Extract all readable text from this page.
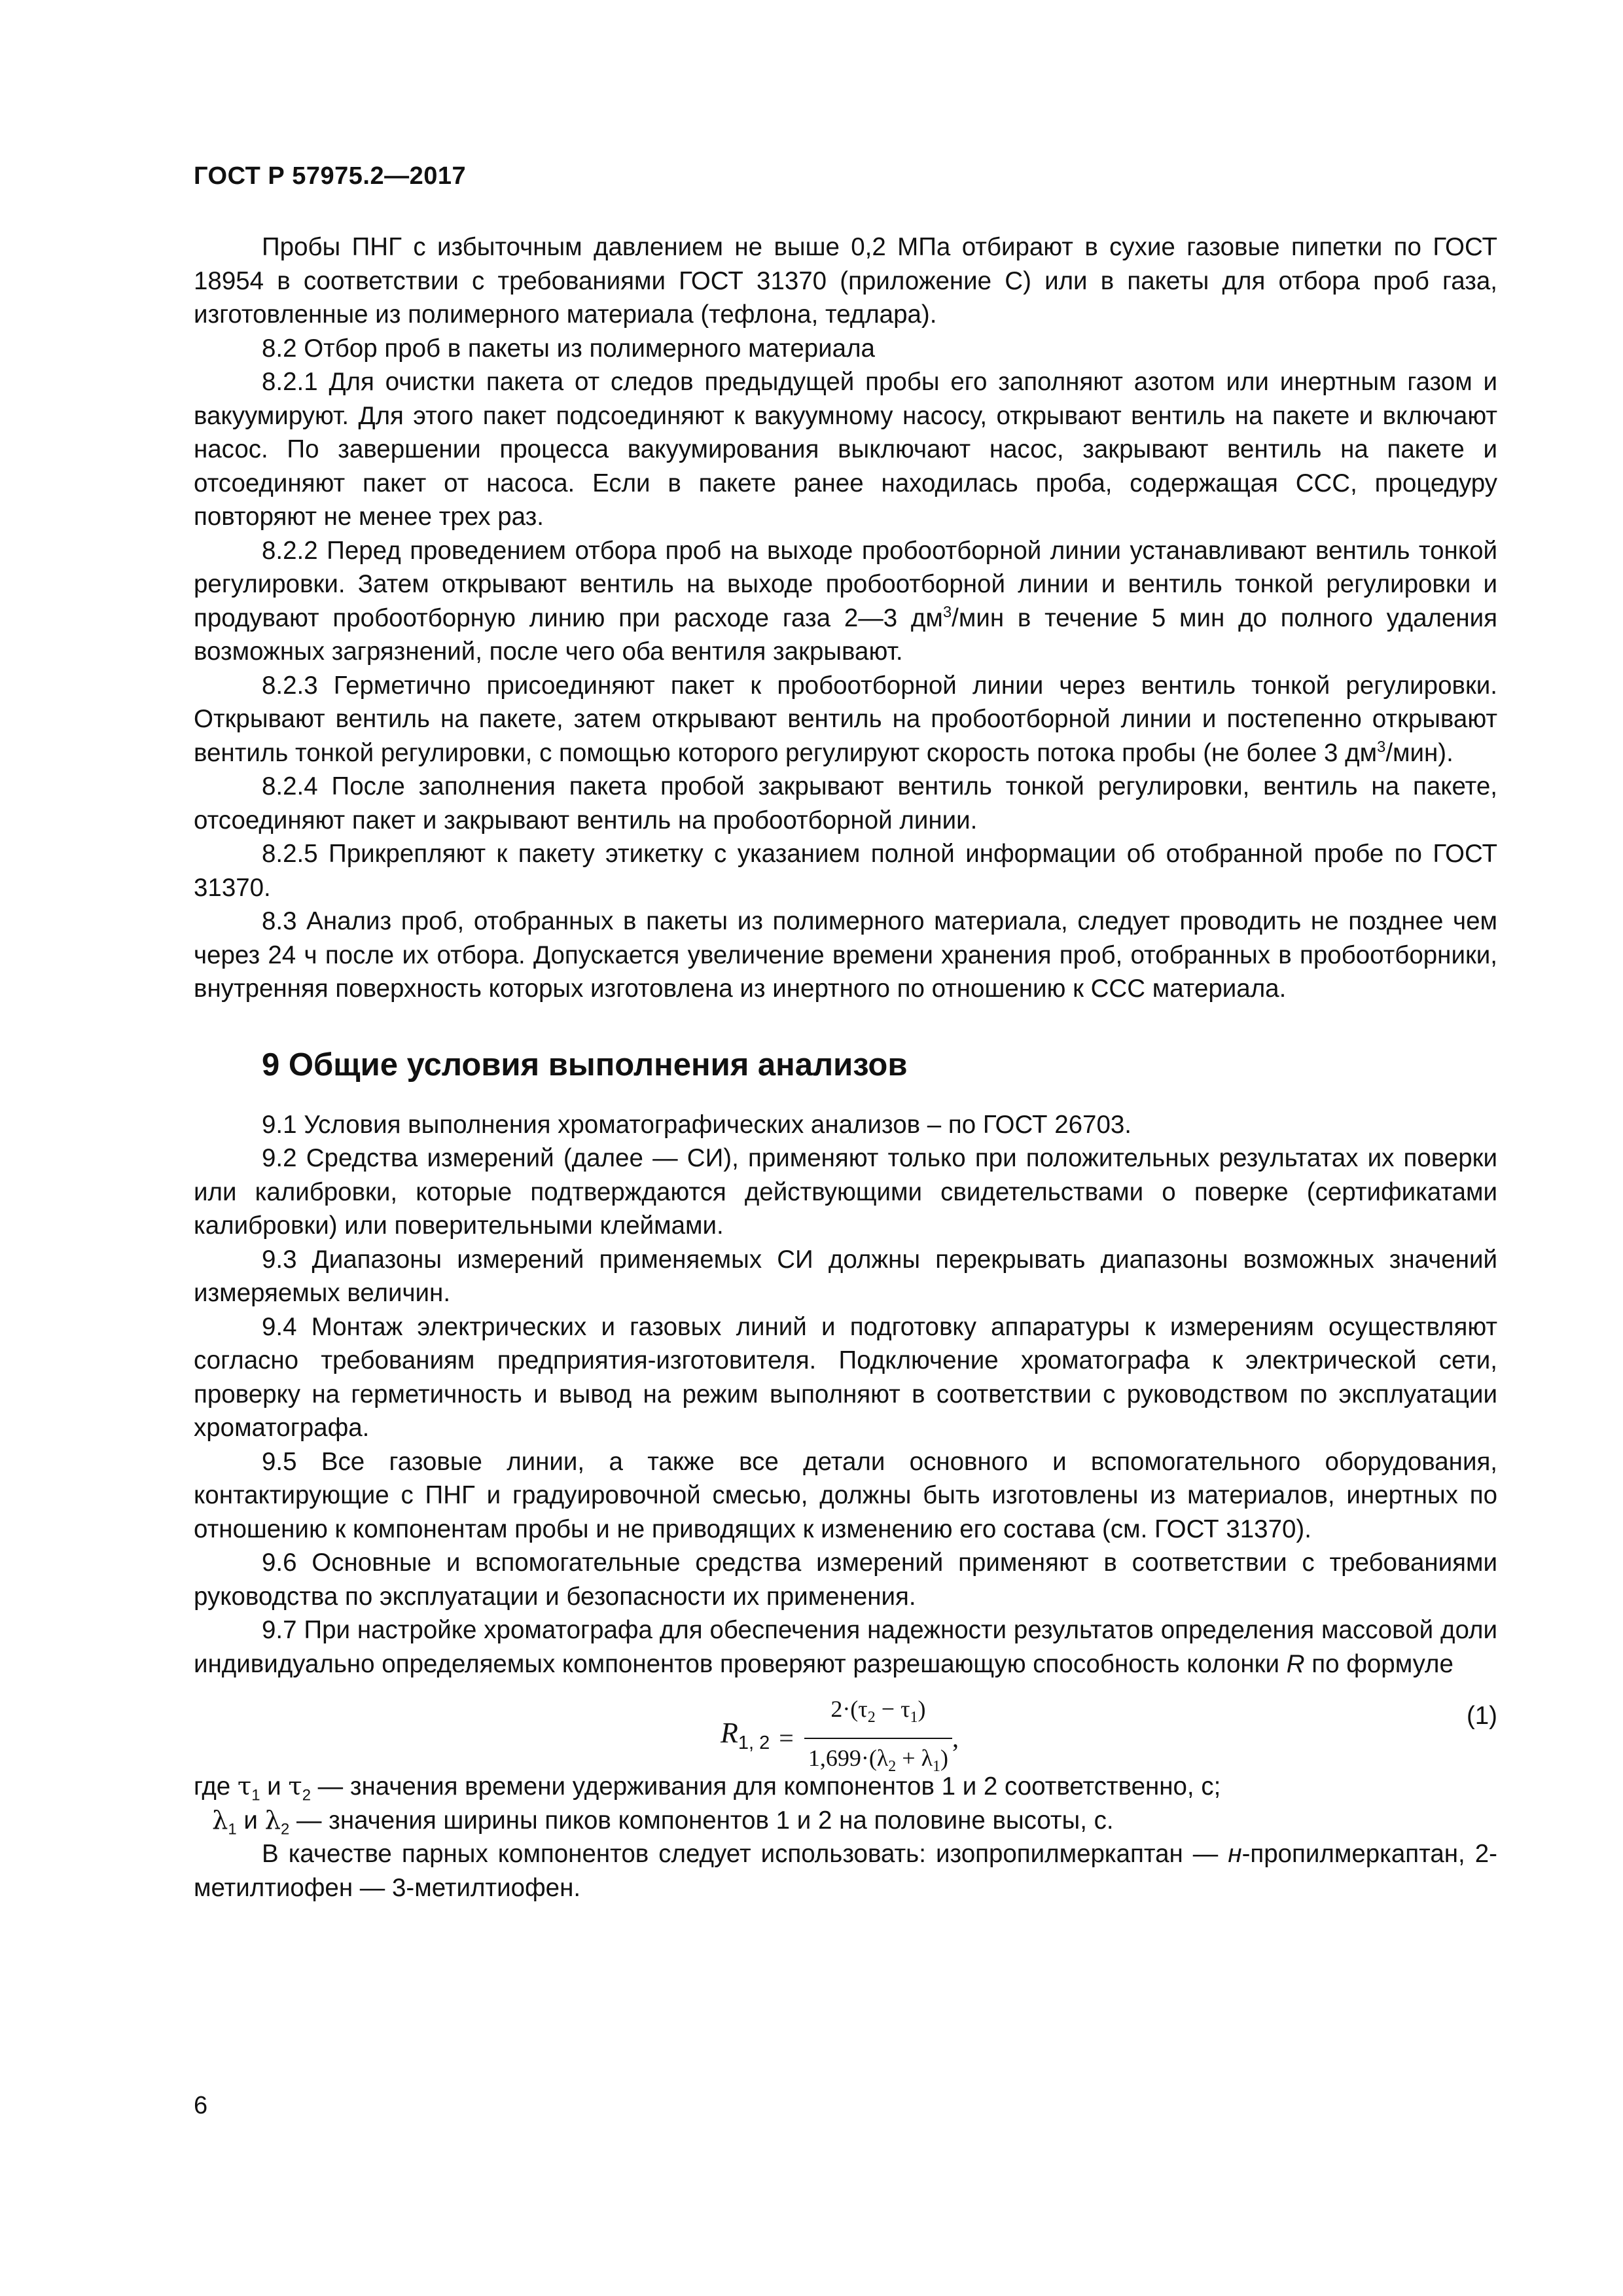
ГОСТ Р 57975.2—2017

Пробы ПНГ с избыточным давлением не выше 0,2 МПа отбирают в сухие газовые пипетки по ГОСТ 18954 в соответствии с требованиями ГОСТ 31370 (приложение С) или в пакеты для отбора проб газа, изготовленные из полимерного материала (тефлона, тедлара).

8.2 Отбор проб в пакеты из полимерного материала

8.2.1 Для очистки пакета от следов предыдущей пробы его заполняют азотом или инертным газом и вакуумируют. Для этого пакет подсоединяют к вакуумному насосу, открывают вентиль на пакете и включают насос. По завершении процесса вакуумирования выключают насос, закрывают вентиль на пакете и отсоединяют пакет от насоса. Если в пакете ранее находилась проба, содержащая ССС, процедуру повторяют не менее трех раз.

8.2.2 Перед проведением отбора проб на выходе пробоотборной линии устанавливают вентиль тонкой регулировки. Затем открывают вентиль на выходе пробоотборной линии и вентиль тонкой регулировки и продувают пробоотборную линию при расходе газа 2—3 $дм^3$/мин в течение 5 мин до полного удаления возможных загрязнений, после чего оба вентиля закрывают.

8.2.3 Герметично присоединяют пакет к пробоотборной линии через вентиль тонкой регулировки. Открывают вентиль на пакете, затем открывают вентиль на пробоотборной линии и постепенно открывают вентиль тонкой регулировки, с помощью которого регулируют скорость потока пробы (не более 3 $дм^3/мин$).

8.2.4 После заполнения пакета пробой закрывают вентиль тонкой регулировки, вентиль на пакете, отсоединяют пакет и закрывают вентиль на пробоотборной линии.

8.2.5 Прикрепляют к пакету этикетку с указанием полной информации об отобранной пробе по ГОСТ 31370.

8.3 Анализ проб, отобранных в пакеты из полимерного материала, следует проводить не позднее чем через 24 ч после их отбора. Допускается увеличение времени хранения проб, отобранных в пробоотборники, внутренняя поверхность которых изготовлена из инертного по отношению к ССС материала.

9 Общие условия выполнения анализов

9.1 Условия выполнения хроматографических анализов – по ГОСТ 26703.

9.2 Средства измерений (далее — СИ), применяют только при положительных результатах их поверки или калибровки, которые подтверждаются действующими свидетельствами о поверке (сертификатами калибровки) или поверительными клеймами.

9.3 Диапазоны измерений применяемых СИ должны перекрывать диапазоны возможных значений измеряемых величин.

9.4 Монтаж электрических и газовых линий и подготовку аппаратуры к измерениям осуществляют согласно требованиям предприятия-изготовителя. Подключение хроматографа к электрической сети, проверку на герметичность и вывод на режим выполняют в соответствии с руководством по эксплуатации хроматографа.

9.5 Все газовые линии, а также все детали основного и вспомогательного оборудования, контактирующие с ПНГ и градуировочной смесью, должны быть изготовлены из материалов, инертных по отношению к компонентам пробы и не приводящих к изменению его состава (см. ГОСТ 31370).

9.6 Основные и вспомогательные средства измерений применяют в соответствии с требованиями руководства по эксплуатации и безопасности их применения.

9.7 При настройке хроматографа для обеспечения надежности результатов определения массовой доли индивидуально определяемых компонентов проверяют разрешающую способность колонки R по формуле

$R_{1, 2} = \frac{2\cdot(\tau_2 - \tau_1)}{1,699\cdot(\lambda_2 + \lambda_1)}$ ,
(1)

где $\tau_1$ и $\tau_2$ — значения времени удерживания для компонентов 1 и 2 соответственно, с;

$\lambda_1$ и $\lambda_2$ — значения ширины пиков компонентов 1 и 2 на половине высоты, с.

В качестве парных компонентов следует использовать: изопропилмеркаптан — н-пропилмеркаптан, 2-метилтиофен — 3-метилтиофен.

6
